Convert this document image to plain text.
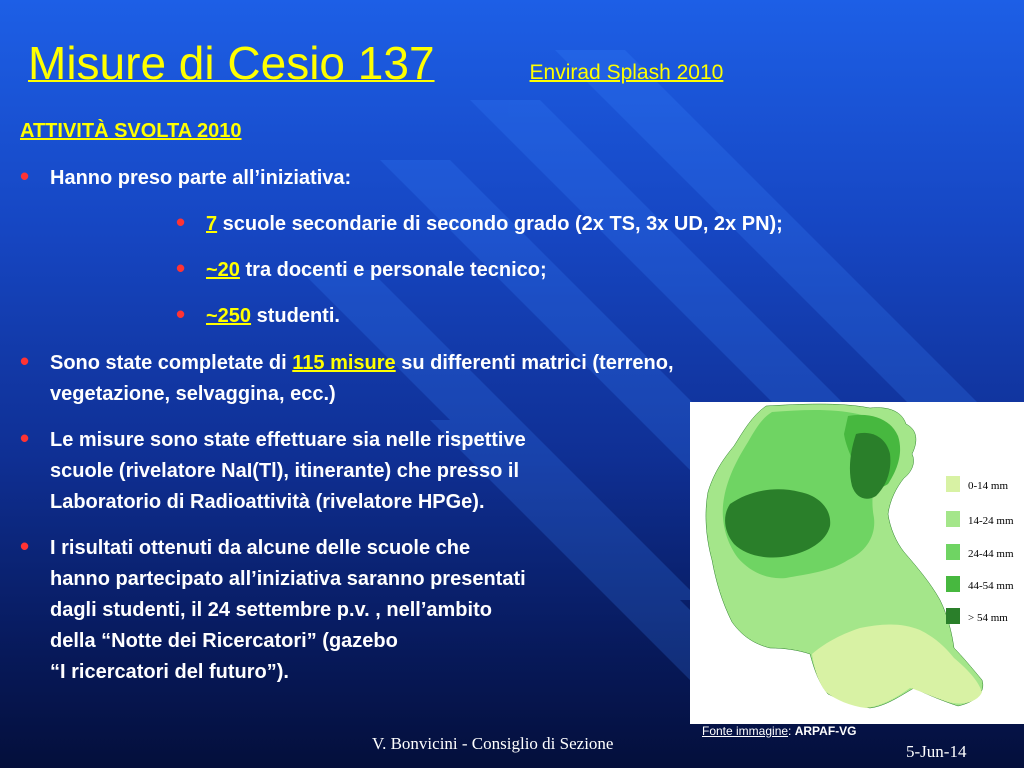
Misure di Cesio 137	Envirad Splash 2010
ATTIVITÀ SVOLTA 2010
• Hanno preso parte all’iniziativa:
• 7 scuole secondarie di secondo grado (2x TS, 3x UD, 2x PN);
• ~20 tra docenti e personale tecnico;
• ~250 studenti.
• Sono state completate di 115 misure su differenti matrici (terreno,
vegetazione, selvaggina, ecc.)
• Le misure sono state effettuare sia nelle rispettive
scuole (rivelatore NaI(Tl), itinerante) che presso il
Laboratorio di Radioattività (rivelatore HPGe).
• I risultati ottenuti da alcune delle scuole che
hanno partecipato all’iniziativa saranno presentati
dagli studenti, il 24 settembre p.v. , nell’ambito
della “Notte dei Ricercatori” (gazebo
“I ricercatori del futuro”).
0-14 mm
14-24 mm
24-44 mm
44-54 mm
> 54 mm
Fonte immagine: ARPAF-VG
V. Bonvicini - Consiglio di Sezione	5-Jun-14
